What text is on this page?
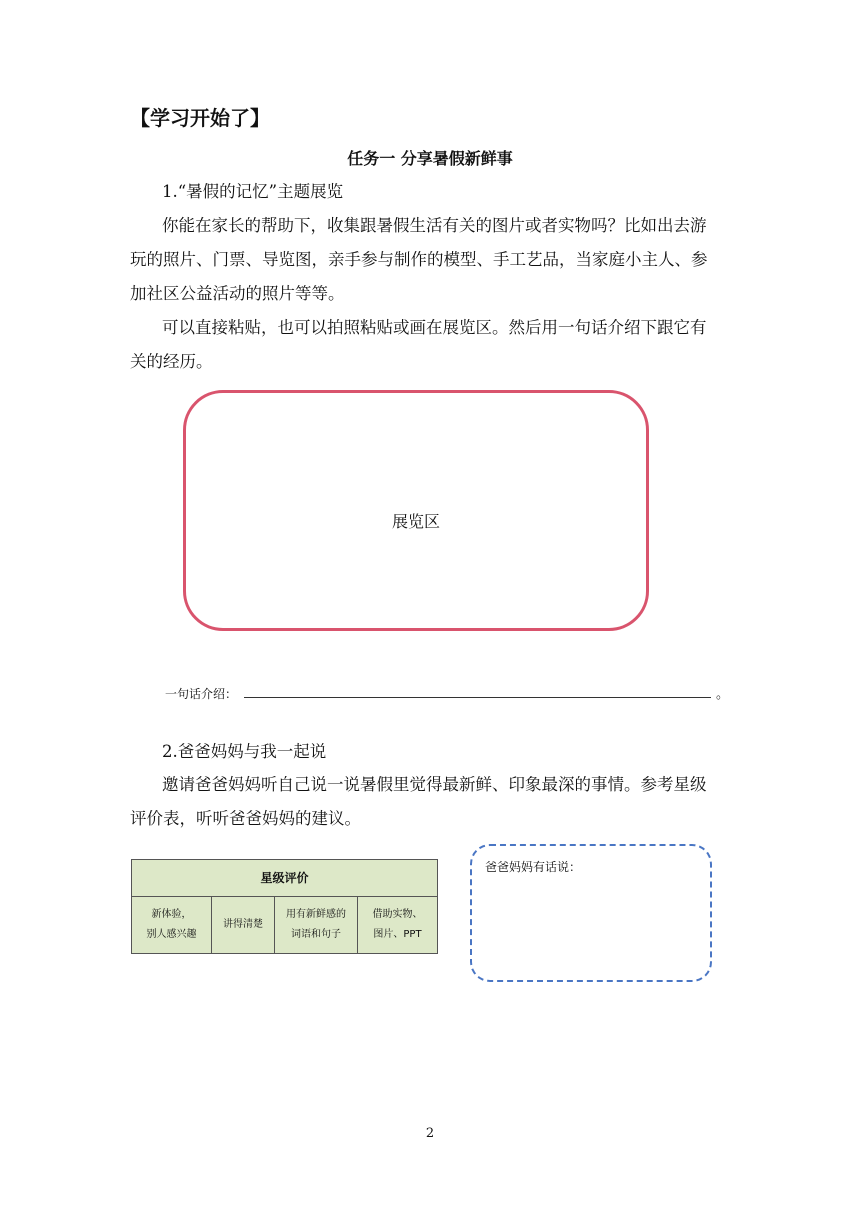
【学习开始了】
任务一 分享暑假新鲜事
1.“暑假的记忆”主题展览
你能在家长的帮助下，收集跟暑假生活有关的图片或者实物吗？比如出去游
玩的照片、门票、导览图，亲手参与制作的模型、手工艺品，当家庭小主人、参
加社区公益活动的照片等等。
可以直接粘贴，也可以拍照粘贴或画在展览区。然后用一句话介绍下跟它有
关的经历。
展览区
一句话介绍：	。
2.爸爸妈妈与我一起说
邀请爸爸妈妈听自己说一说暑假里觉得最新鲜、印象最深的事情。参考星级
评价表，听听爸爸妈妈的建议。
星级评价

新体验，
别人感兴趣

讲得清楚

用有新鲜感的
词语和句子

借助实物、
图片、PPT
爸爸妈妈有话说：
2
